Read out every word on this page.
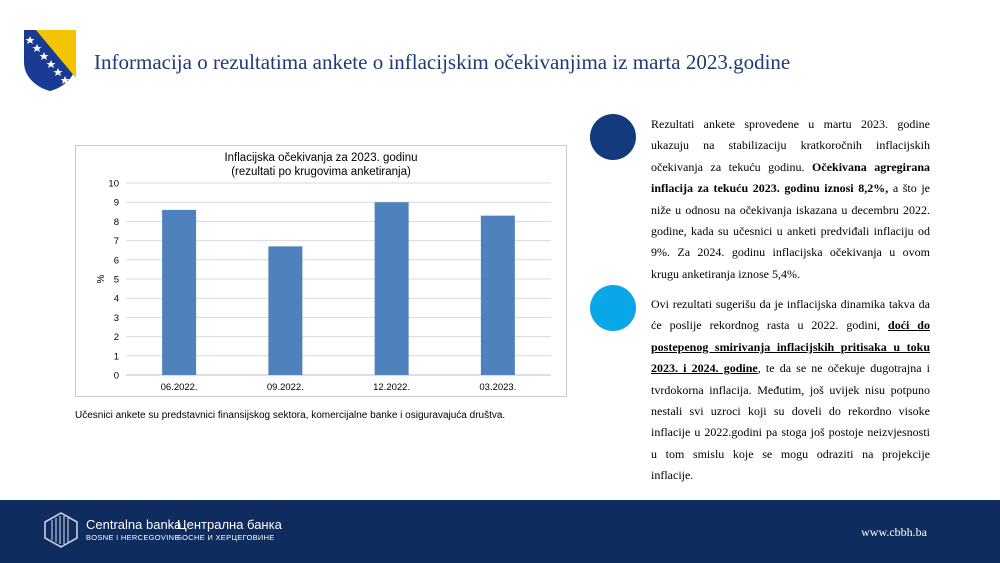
Informacija o rezultatima ankete o inflacijskim očekivanjima iz marta 2023.godine
Inflacijska očekivanja za 2023. godinu
(rezultati po krugovima anketiranja)
0
1
2
3
4
5
6
7
8
9
10
%
06.2022.	09.2022.	12.2022.	03.2023.
Učesnici ankete su predstavnici finansijskog sektora, komercijalne banke i osiguravajuća društva.
Rezultati ankete sprovedene u martu 2023. godine ukazuju na stabilizaciju kratkoročnih inflacijskih očekivanja za tekuću godinu. Očekivana agregirana inflacija za tekuću 2023. godinu iznosi 8,2%, a što je niže u odnosu na očekivanja iskazana u decembru 2022. godine, kada su učesnici u anketi predviđali inflaciju od 9%. Za 2024. godinu inflacijska očekivanja u ovom krugu anketiranja iznose 5,4%.
Ovi rezultati sugerišu da je inflacijska dinamika takva da će poslije rekordnog rasta u 2022. godini, doći do postepenog smirivanja inflacijskih pritisaka u toku 2023. i 2024. godine, te da se ne očekuje dugotrajna i tvrdokorna inflacija. Međutim, još uvijek nisu potpuno nestali svi uzroci koji su doveli do rekordno visoke inflacije u 2022.godini pa stoga još postoje neizvjesnosti u tom smislu koje se mogu odraziti na projekcije inflacije.
Centralna banka
BOSNE I HERCEGOVINE
Централна банка
БОСНЕ И ХЕРЦЕГОВИНЕ	www.cbbh.ba
